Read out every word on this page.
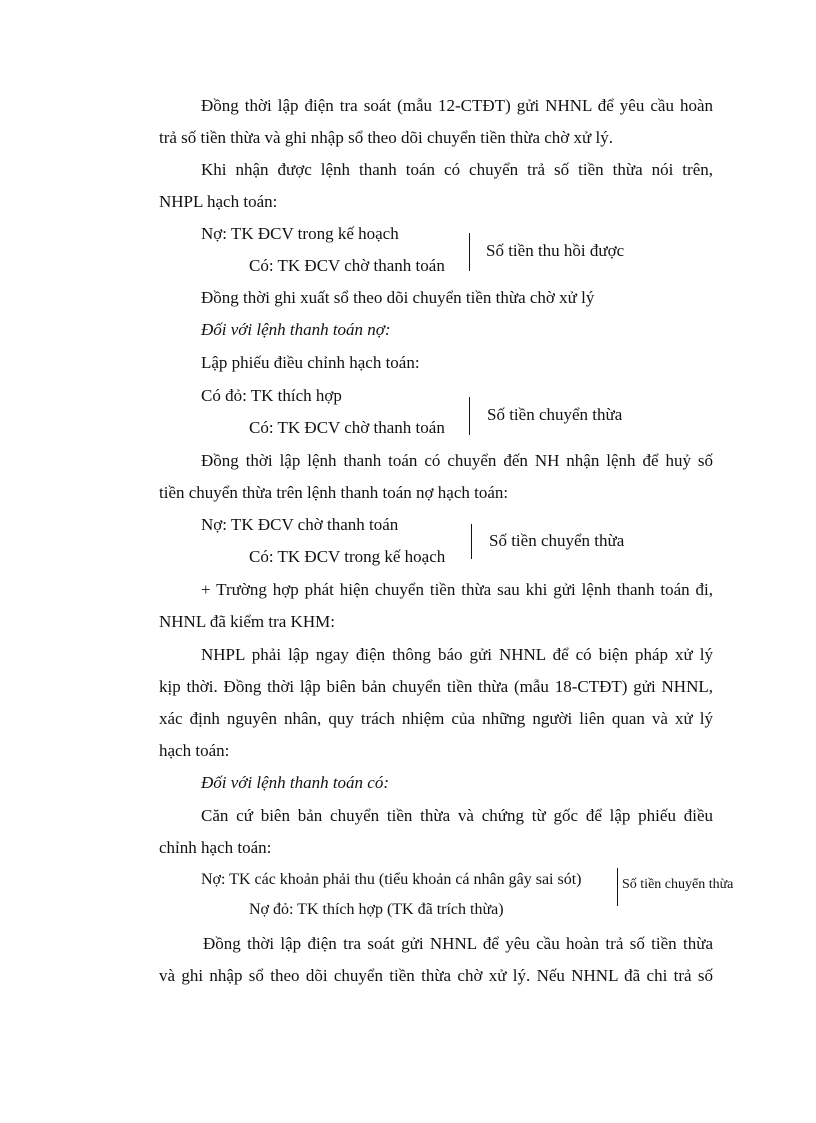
Đồng thời lập điện tra soát (mẫu 12-CTĐT) gửi NHNL để yêu cầu hoàn
trả số tiền thừa và ghi nhập sổ theo dõi chuyển tiền thừa chờ xử lý.
Khi nhận được lệnh thanh toán có chuyển trả số tiền thừa nói trên,
NHPL hạch toán:
Nợ: TK ĐCV trong kế hoạch
Có: TK ĐCV chờ thanh toán
Số tiền thu hồi được
Đồng thời ghi xuất sổ theo dõi chuyển tiền thừa chờ xử lý
Đối với lệnh thanh toán nợ:
Lập phiếu điều chỉnh hạch toán:
Có đỏ: TK thích hợp
Có: TK ĐCV chờ thanh toán
Số tiền chuyển thừa
Đồng thời lập lệnh thanh toán có chuyển đến NH nhận lệnh để huỷ số
tiền chuyển thừa trên lệnh thanh toán nợ hạch toán:
Nợ: TK ĐCV chờ thanh toán
Có: TK ĐCV trong kế hoạch
Số tiền chuyển thừa
+ Trường hợp phát hiện chuyển tiền thừa sau khi gửi lệnh thanh toán đi,
NHNL đã kiểm tra KHM:
NHPL phải lập ngay điện thông báo gửi NHNL để có biện pháp xử lý
kịp thời. Đồng thời lập biên bản chuyển tiền thừa (mẫu 18-CTĐT) gửi NHNL,
xác định nguyên nhân, quy trách nhiệm của những người liên quan và xử lý
hạch toán:
Đối với lệnh thanh toán có:
Căn cứ biên bản chuyển tiền thừa và chứng từ gốc để lập phiếu điều
chỉnh hạch toán:
Nợ: TK các khoản phải thu (tiểu khoản cá nhân gây sai sót)
Nợ đỏ: TK thích hợp (TK đã trích thừa)
Số tiền chuyển thừa
Đồng thời lập điện tra soát gửi NHNL để yêu cầu hoàn trả số tiền thừa
và ghi nhập sổ theo dõi chuyển tiền thừa chờ xử lý. Nếu NHNL đã chi trả số
